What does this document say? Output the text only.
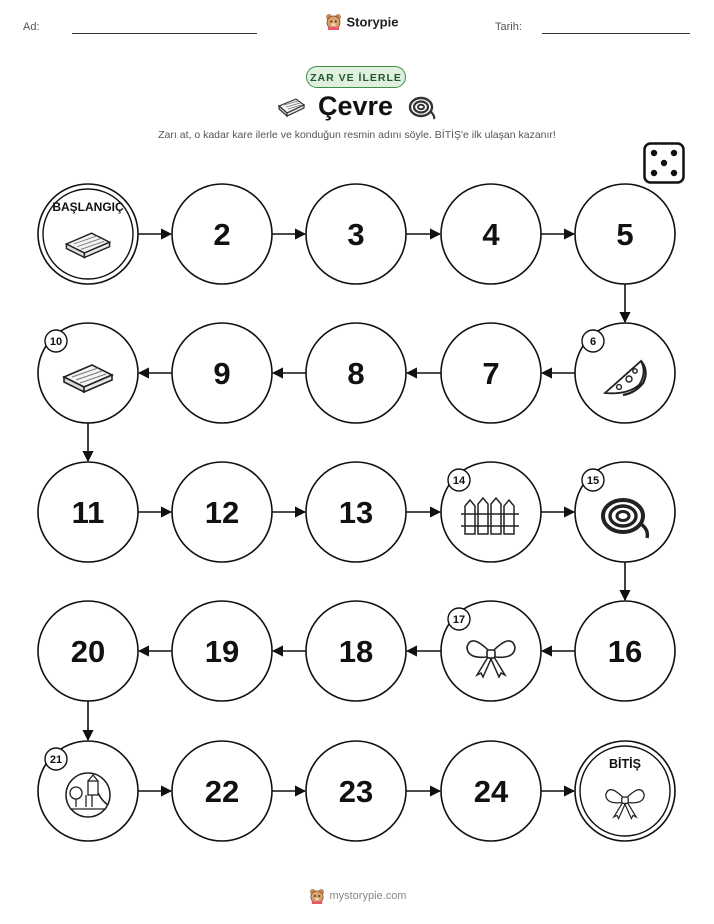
Ad:	Storypie	Tarih:
ZAR VE İLERLE
Çevre
Zarı at, o kadar kare ilerle ve konduğun resmin adını söyle. BİTİŞ'e ilk ulaşan kazanır!
BAŞLANGIÇ
2	3	4	5
6
7
8
9
10
11	12	13
14	15
16
17
18
19
20
21
22	23	24
BİTİŞ
mystorypie.com
